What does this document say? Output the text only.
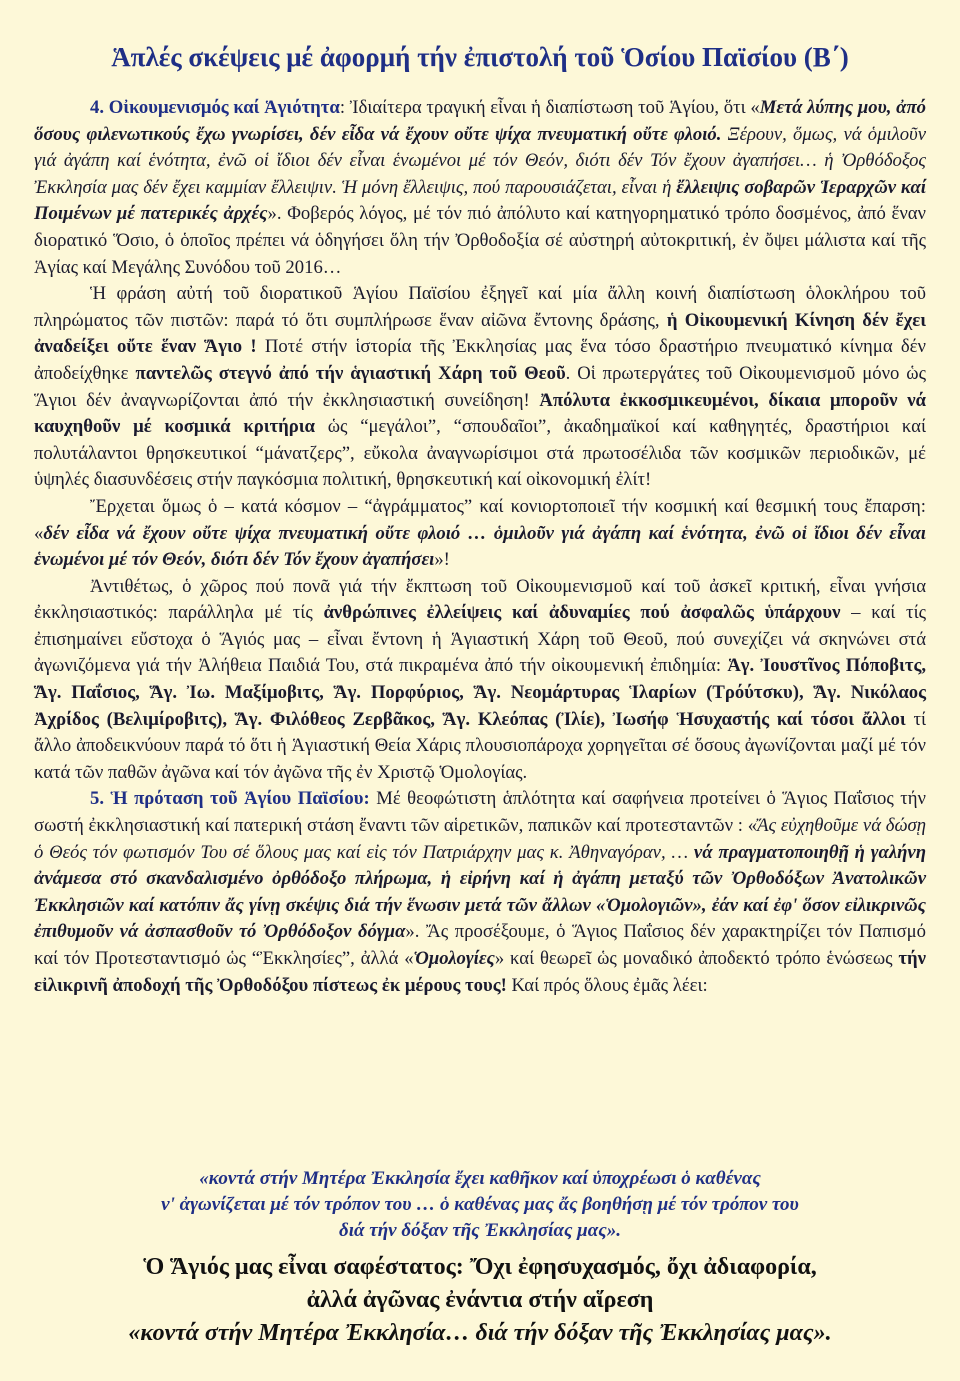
Ἁπλές σκέψεις μέ ἀφορμή τήν ἐπιστολή τοῦ Ὁσίου Παϊσίου (Β΄)

4. Οἰκουμενισμός καί Ἁγιότητα: Ἰδιαίτερα τραγική εἶναι ἡ διαπίστωση τοῦ Ἁγίου, ὅτι «Μετά λύπης μου, ἀπό ὅσους φιλενωτικούς ἔχω γνωρίσει, δέν εἶδα νά ἔχουν οὔτε ψίχα πνευματική οὔτε φλοιό. Ξέρουν, ὅμως, νά ὁμιλοῦν γιά ἀγάπη καί ἑνότητα, ἐνῶ οἱ ἴδιοι δέν εἶναι ἑνωμένοι μέ τόν Θεόν, διότι δέν Τόν ἔχουν ἀγαπήσει… ἡ Ὀρθόδοξος Ἐκκλησία μας δέν ἔχει καμμίαν ἔλλειψιν. Ἡ μόνη ἔλλειψις, πού παρουσιάζεται, εἶναι ἡ ἔλλειψις σοβαρῶν Ἱεραρχῶν καί Ποιμένων μέ πατερικές ἀρχές». Φοβερός λόγος, μέ τόν πιό ἀπόλυτο καί κατηγορηματικό τρόπο δοσμένος, ἀπό ἕναν διορατικό Ὅσιο, ὁ ὁποῖος πρέπει νά ὁδηγήσει ὅλη τήν Ὀρθοδοξία σέ αὐστηρή αὐτοκριτική, ἐν ὄψει μάλιστα καί τῆς Ἁγίας καί Μεγάλης Συνόδου τοῦ 2016…

Ἡ φράση αὐτή τοῦ διορατικοῦ Ἁγίου Παϊσίου ἐξηγεῖ καί μία ἄλλη κοινή διαπίστωση ὁλοκλήρου τοῦ πληρώματος τῶν πιστῶν: παρά τό ὅτι συμπλήρωσε ἕναν αἰῶνα ἔντονης δράσης, ἡ Οἰκουμενική Κίνηση δέν ἔχει ἀναδείξει οὔτε ἕναν Ἅγιο ! Ποτέ στήν ἱστορία τῆς Ἐκκλησίας μας ἕνα τόσο δραστήριο πνευματικό κίνημα δέν ἀποδείχθηκε παντελῶς στεγνό ἀπό τήν ἁγιαστική Χάρη τοῦ Θεοῦ. Οἱ πρωτεργάτες τοῦ Οἰκουμενισμοῦ μόνο ὡς Ἅγιοι δέν ἀναγνωρίζονται ἀπό τήν ἐκκλησιαστική συνείδηση! Ἀπόλυτα ἐκκοσμικευμένοι, δίκαια μποροῦν νά καυχηθοῦν μέ κοσμικά κριτήρια ὡς “μεγάλοι”, “σπουδαῖοι”, ἀκαδημαϊκοί καί καθηγητές, δραστήριοι καί πολυτάλαντοι θρησκευτικοί “μάνατζερς”, εὔκολα ἀναγνωρίσιμοι στά πρωτοσέλιδα τῶν κοσμικῶν περιοδικῶν, μέ ὑψηλές διασυνδέσεις στήν παγκόσμια πολιτική, θρησκευτική καί οἰκονομική ἐλίτ!

Ἔρχεται ὅμως ὁ – κατά κόσμον – “ἀγράμματος” καί κονιορτοποιεῖ τήν κοσμική καί θεσμική τους ἔπαρση: «δέν εἶδα νά ἔχουν οὔτε ψίχα πνευματική οὔτε φλοιό … ὁμιλοῦν γιά ἀγάπη καί ἑνότητα, ἐνῶ οἱ ἴδιοι δέν εἶναι ἑνωμένοι μέ τόν Θεόν, διότι δέν Τόν ἔχουν ἀγαπήσει»!

Ἀντιθέτως, ὁ χῶρος πού πονᾶ γιά τήν ἔκπτωση τοῦ Οἰκουμενισμοῦ καί τοῦ ἀσκεῖ κριτική, εἶναι γνήσια ἐκκλησιαστικός: παράλληλα μέ τίς ἀνθρώπινες ἐλλείψεις καί ἀδυναμίες πού ἀσφαλῶς ὑπάρχουν – καί τίς ἐπισημαίνει εὔστοχα ὁ Ἅγιός μας – εἶναι ἔντονη ἡ Ἁγιαστική Χάρη τοῦ Θεοῦ, πού συνεχίζει νά σκηνώνει στά ἀγωνιζόμενα γιά τήν Ἀλήθεια Παιδιά Του, στά πικραμένα ἀπό τήν οἰκουμενική ἐπιδημία: Ἁγ. Ἰουστῖνος Πόποβιτς, Ἅγ. Παΐσιος, Ἅγ. Ἰω. Μαξίμοβιτς, Ἅγ. Πορφύριος, Ἅγ. Νεομάρτυρας Ἱλαρίων (Τρόύτσκυ), Ἅγ. Νικόλαος Ἀχρίδος (Βελιμίροβιτς), Ἅγ. Φιλόθεος Ζερβᾶκος, Ἅγ. Κλεόπας (Ἰλίε), Ἰωσήφ Ἡσυχαστής καί τόσοι ἄλλοι τί ἄλλο ἀποδεικνύουν παρά τό ὅτι ἡ Ἁγιαστική Θεία Χάρις πλουσιοπάροχα χορηγεῖται σέ ὅσους ἀγωνίζονται μαζί μέ τόν κατά τῶν παθῶν ἀγῶνα καί τόν ἀγῶνα τῆς ἐν Χριστῷ Ὁμολογίας.

5. Ἡ πρόταση τοῦ Ἁγίου Παϊσίου: Μέ θεοφώτιστη ἁπλότητα καί σαφήνεια προτείνει ὁ Ἅγιος Παΐσιος τήν σωστή ἐκκλησιαστική καί πατερική στάση ἔναντι τῶν αἱρετικῶν, παπικῶν καί προτεσταντῶν : «Ἄς εὐχηθοῦμε νά δώσῃ ὁ Θεός τόν φωτισμόν Του σέ ὅλους μας καί εἰς τόν Πατριάρχην μας κ. Ἀθηναγόραν, … νά πραγματοποιηθῇ ἡ γαλήνη ἀνάμεσα στό σκανδαλισμένο ὀρθόδοξο πλήρωμα, ἡ εἰρήνη καί ἡ ἀγάπη μεταξύ τῶν Ὀρθοδόξων Ἀνατολικῶν Ἐκκλησιῶν καί κατόπιν ἄς γίνῃ σκέψις διά τήν ἕνωσιν μετά τῶν ἄλλων «Ὁμολογιῶν», ἐάν καί ἐφ' ὅσον εἰλικρινῶς ἐπιθυμοῦν νά ἀσπασθοῦν τό Ὀρθόδοξον δόγμα». Ἄς προσέξουμε, ὁ Ἅγιος Παΐσιος δέν χαρακτηρίζει τόν Παπισμό καί τόν Προτεσταντισμό ὡς “Ἐκκλησίες”, ἀλλά «Ὁμολογίες» καί θεωρεῖ ὡς μοναδικό ἀποδεκτό τρόπο ἑνώσεως τήν εἰλικρινῆ ἀποδοχή τῆς Ὀρθοδόξου πίστεως ἐκ μέρους τους! Καί πρός ὅλους ἐμᾶς λέει:

«κοντά στήν Μητέρα Ἐκκλησία ἔχει καθῆκον καί ὑποχρέωσι ὁ καθένας
ν' ἀγωνίζεται μέ τόν τρόπον του … ὁ καθένας μας ἄς βοηθήσῃ μέ τόν τρόπον του
διά τήν δόξαν τῆς Ἐκκλησίας μας».
Ὁ Ἅγιός μας εἶναι σαφέστατος: Ὄχι ἐφησυχασμός, ὄχι ἀδιαφορία,
ἀλλά ἀγῶνας ἐνάντια στήν αἵρεση
«κοντά στήν Μητέρα Ἐκκλησία… διά τήν δόξαν τῆς Ἐκκλησίας μας».
